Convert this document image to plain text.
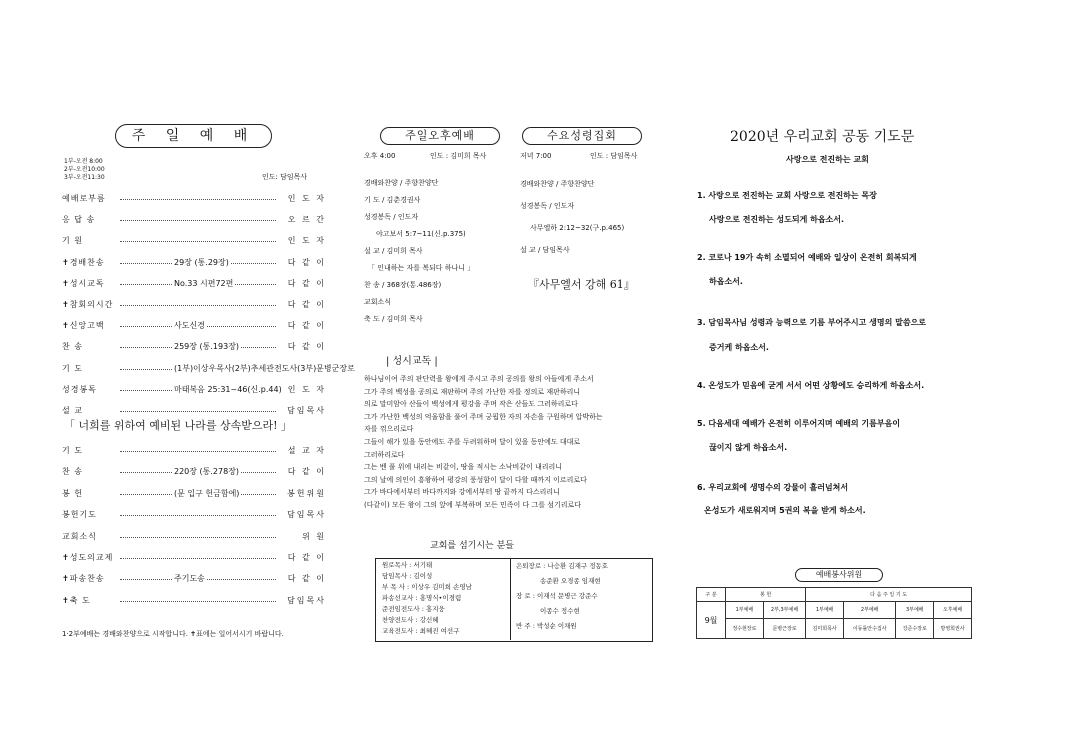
주 일 예 배
1부-오전 8:00
2부-오전10:00
3부-오전11:30	인도: 담임목사
예배로부름	인 도 자
응 답 송	오 르 간
기 원	인 도 자
✝경배찬송	29장 (통.29장)	다 같 이
✝성시교독	No.33 시편72편	다 같 이
✝참회의시간	다 같 이
✝신앙고백	사도신경	다 같 이
찬 송	259장 (통.193장)	다 같 이
기 도	(1부)이상우목사(2부)추세관전도사(3부)문병군장로
성경봉독	마태복음 25:31~46(신.p.44) 인 도 자
설 교	담임목사
「 너희를 위하여 예비된 나라를 상속받으라! 」
기 도	설 교 자
찬 송	220장 (통.278장)	다 같 이
봉 헌	(문 입구 헌금함에)	봉헌위원
봉헌기도	담임목사
교회소식	위 원
✝성도의교제	다 같 이
✝파송찬송	주기도송	다 같 이
✝축 도	담임목사
1·2부예배는 경배와찬양으로 시작합니다. ✝표에는 일어서시기 바랍니다.
주일오후예배
오후 4:00	인도 : 김미희 목사
경배와찬양 / 주향찬양단
기 도 / 김춘경권사
성경봉독 / 인도자
야고보서 5:7~11(신.p.375)
설 교 / 김미희 목사
「 인내하는 자를 복되다 하나니 」
찬 송 / 368장(통.486장)
교회소식
축 도 / 김미희 목사
수요성령집회
저녁 7:00	인도 : 담임목사
경배와찬양 / 주향찬양단
성경봉독 / 인도자
사무엘하 2:12~32(구.p.465)
설 교 / 담임목사
『사무엘서 강해 61』
| 성시교독 |
하나님이여 주의 판단력을 왕에게 주시고 주의 공의를 왕의 아들에게 주소서
그가 주의 백성을 공의로 재판하며 주의 가난한 자를 정의로 재판하리니
의로 말미암아 산들이 백성에게 평강을 주며 작은 산들도 그러하리로다
그가 가난한 백성의 억울함을 풀어 주며 궁핍한 자의 자손을 구원하며 압박하는
자를 꺾으리로다
그들이 해가 있을 동안에도 주를 두려워하며 달이 있을 동안에도 대대로
그러하리로다
그는 벤 풀 위에 내리는 비같이, 땅을 적시는 소낙비같이 내리리니
그의 날에 의인이 흥왕하여 평강의 풍성함이 달이 다할 때까지 이르리로다
그가 바다에서부터 바다까지와 강에서부터 땅 끝까지 다스리리니
(다같이) 모든 왕이 그의 앞에 부복하며 모든 민족이 다 그를 섬기리로다
교회를 섬기시는 분들
원로목사 : 서기태
담임목사 : 김이성
부 목 사 : 이상우 김미희 손영남
파송선교사 : 홍명식•이경렴
준전임전도사 : 홍지웅
찬양전도사 : 강신혜
교육전도사 : 최혜진 여선구
은퇴장로 : 나승환 김재구 정동호
송준환 오경종 임재현
장 로 : 이재석 문병근 강준수
이종수 정수현
반 주 : 박성순 이채원
2020년 우리교회 공동 기도문
사랑으로 전진하는 교회
1. 사랑으로 전진하는 교회 사랑으로 전진하는 목장
사랑으로 전진하는 성도되게 하옵소서.
2. 코로나 19가 속히 소멸되어 예배와 일상이 온전히 회복되게
하옵소서.
3. 담임목사님 성령과 능력으로 기름 부어주시고 생명의 말씀으로
증거케 하옵소서.
4. 온성도가 믿음에 굳게 서서 어떤 상황에도 승리하게 하옵소서.
5. 다음세대 예배가 온전히 이루어지며 예배의 기름부음이
끊이지 않게 하옵소서.
6. 우리교회에 생명수의 강물이 흘러넘쳐서
온성도가 새로워지며 5권의 복을 받게 하소서.
예배봉사위원
구 분	봉 헌		다 음 주 일 기 도			
9월	1부예배	2부,3부예배	1부예배	2부예배	3부예배	오후예배
	정수현장로	문병근장로	김미희목사	이동률안수집사	강준수장로	방영희권사
